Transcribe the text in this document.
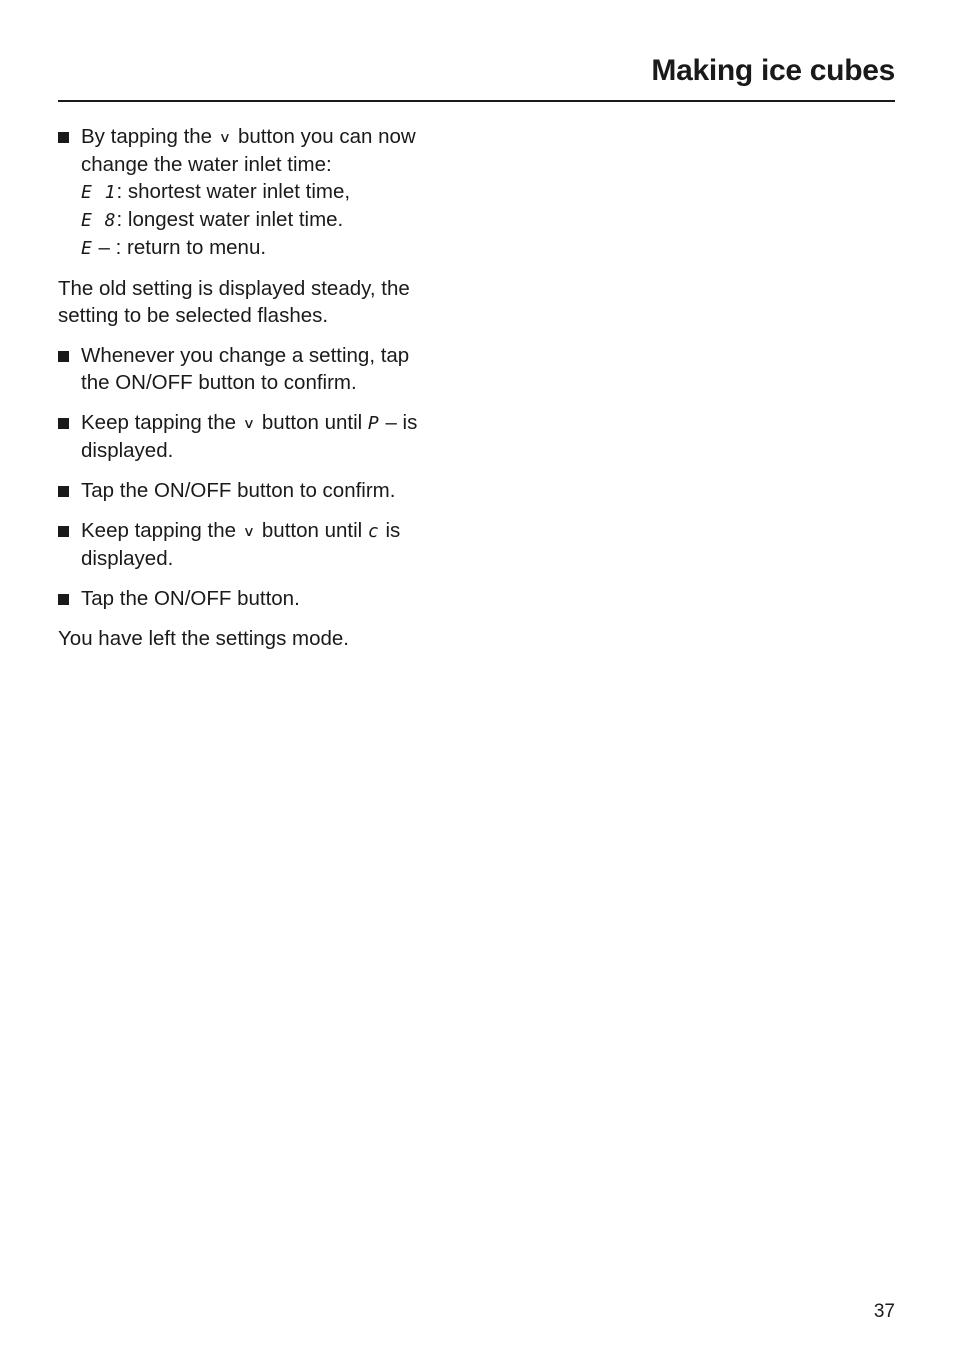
Making ice cubes
By tapping the ∨ button you can now
change the water inlet time:
E 1: shortest water inlet time,
E 8: longest water inlet time.
E – : return to menu.

The old setting is displayed steady, the
setting to be selected flashes.

Whenever you change a setting, tap
the ON/OFF button to confirm.
Keep tapping the ∨ button until P – is
displayed.
Tap the ON/OFF button to confirm.
Keep tapping the ∨ button until c is
displayed.
Tap the ON/OFF button.

You have left the settings mode.

37
